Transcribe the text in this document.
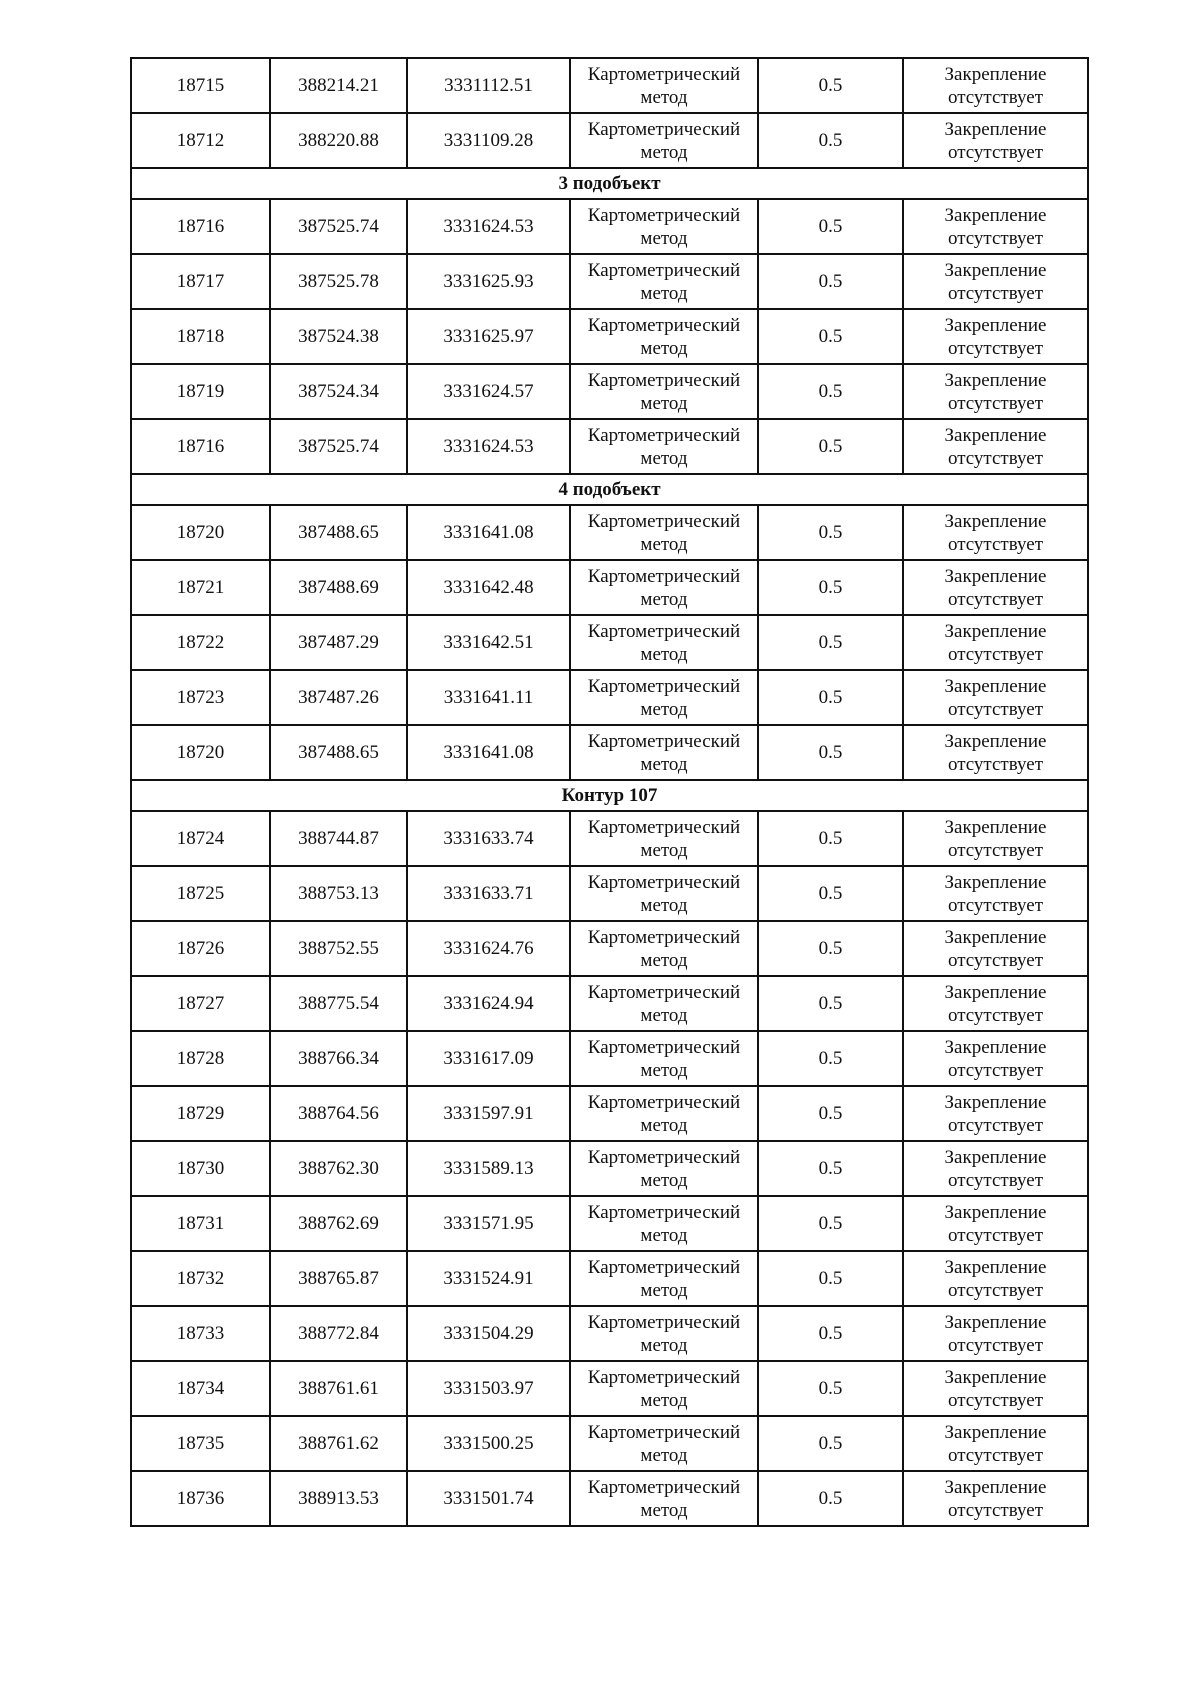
18715	388214.21	3331112.51	Картометрический метод	0.5	Закрепление отсутствует
18712	388220.88	3331109.28	Картометрический метод	0.5	Закрепление отсутствует
3 подобъект					
18716	387525.74	3331624.53	Картометрический метод	0.5	Закрепление отсутствует
18717	387525.78	3331625.93	Картометрический метод	0.5	Закрепление отсутствует
18718	387524.38	3331625.97	Картометрический метод	0.5	Закрепление отсутствует
18719	387524.34	3331624.57	Картометрический метод	0.5	Закрепление отсутствует
18716	387525.74	3331624.53	Картометрический метод	0.5	Закрепление отсутствует
4 подобъект					
18720	387488.65	3331641.08	Картометрический метод	0.5	Закрепление отсутствует
18721	387488.69	3331642.48	Картометрический метод	0.5	Закрепление отсутствует
18722	387487.29	3331642.51	Картометрический метод	0.5	Закрепление отсутствует
18723	387487.26	3331641.11	Картометрический метод	0.5	Закрепление отсутствует
18720	387488.65	3331641.08	Картометрический метод	0.5	Закрепление отсутствует
Контур 107					
18724	388744.87	3331633.74	Картометрический метод	0.5	Закрепление отсутствует
18725	388753.13	3331633.71	Картометрический метод	0.5	Закрепление отсутствует
18726	388752.55	3331624.76	Картометрический метод	0.5	Закрепление отсутствует
18727	388775.54	3331624.94	Картометрический метод	0.5	Закрепление отсутствует
18728	388766.34	3331617.09	Картометрический метод	0.5	Закрепление отсутствует
18729	388764.56	3331597.91	Картометрический метод	0.5	Закрепление отсутствует
18730	388762.30	3331589.13	Картометрический метод	0.5	Закрепление отсутствует
18731	388762.69	3331571.95	Картометрический метод	0.5	Закрепление отсутствует
18732	388765.87	3331524.91	Картометрический метод	0.5	Закрепление отсутствует
18733	388772.84	3331504.29	Картометрический метод	0.5	Закрепление отсутствует
18734	388761.61	3331503.97	Картометрический метод	0.5	Закрепление отсутствует
18735	388761.62	3331500.25	Картометрический метод	0.5	Закрепление отсутствует
18736	388913.53	3331501.74	Картометрический метод	0.5	Закрепление отсутствует
